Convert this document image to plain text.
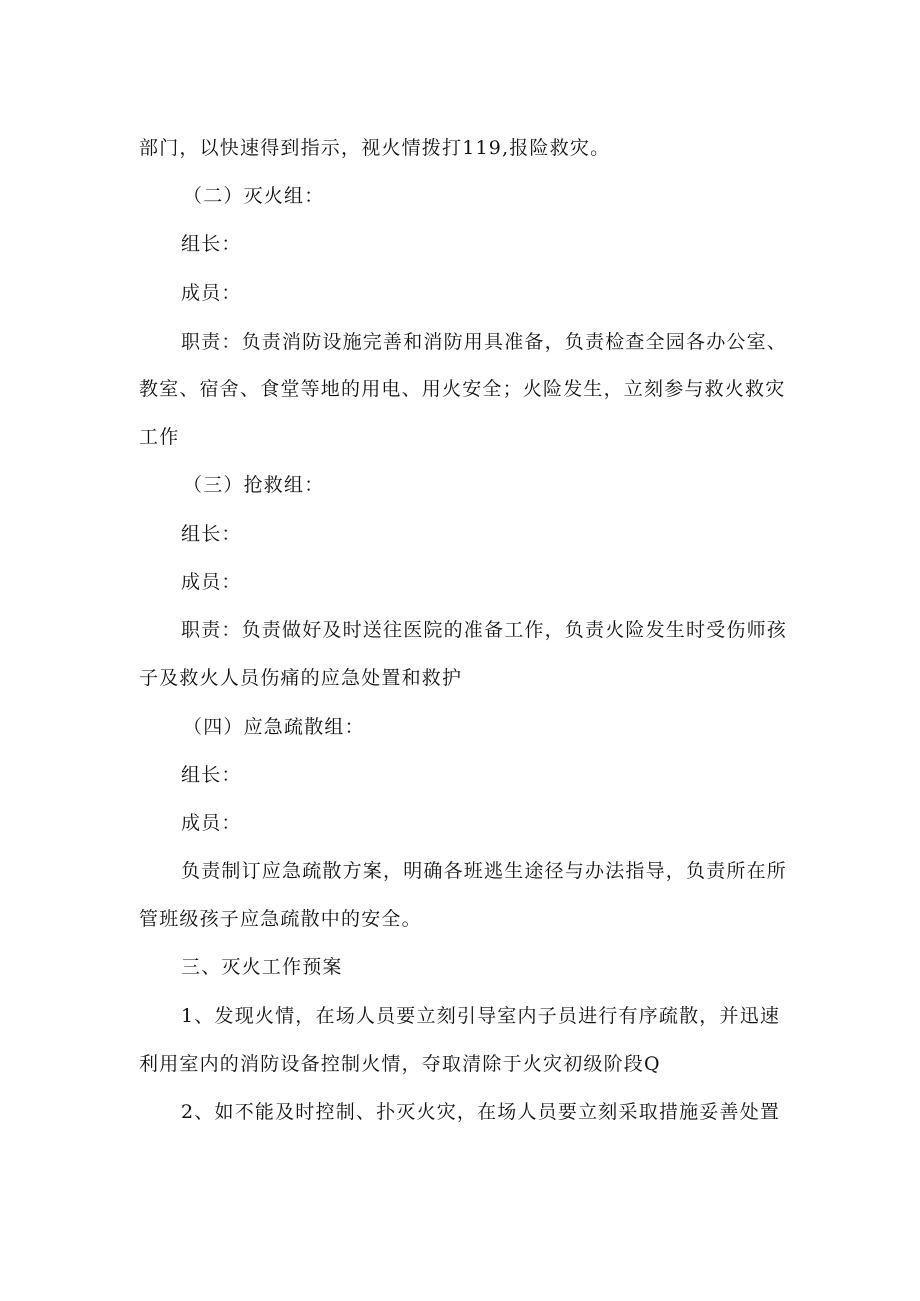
部门，以快速得到指示，视火情拨打119,报险救灾。
（二）灭火组：
组长：
成员：
职责：负责消防设施完善和消防用具准备，负责检查全园各办公室、
教室、宿舍、食堂等地的用电、用火安全；火险发生，立刻参与救火救灾
工作
（三）抢救组：
组长：
成员：
职责：负责做好及时送往医院的准备工作，负责火险发生时受伤师孩
子及救火人员伤痛的应急处置和救护
（四）应急疏散组：
组长：
成员：
负责制订应急疏散方案，明确各班逃生途径与办法指导，负责所在所
管班级孩子应急疏散中的安全。
三、灭火工作预案
1、发现火情，在场人员要立刻引导室内子员进行有序疏散，并迅速
利用室内的消防设备控制火情，夺取清除于火灾初级阶段Q
2、如不能及时控制、扑灭火灾，在场人员要立刻采取措施妥善处置
